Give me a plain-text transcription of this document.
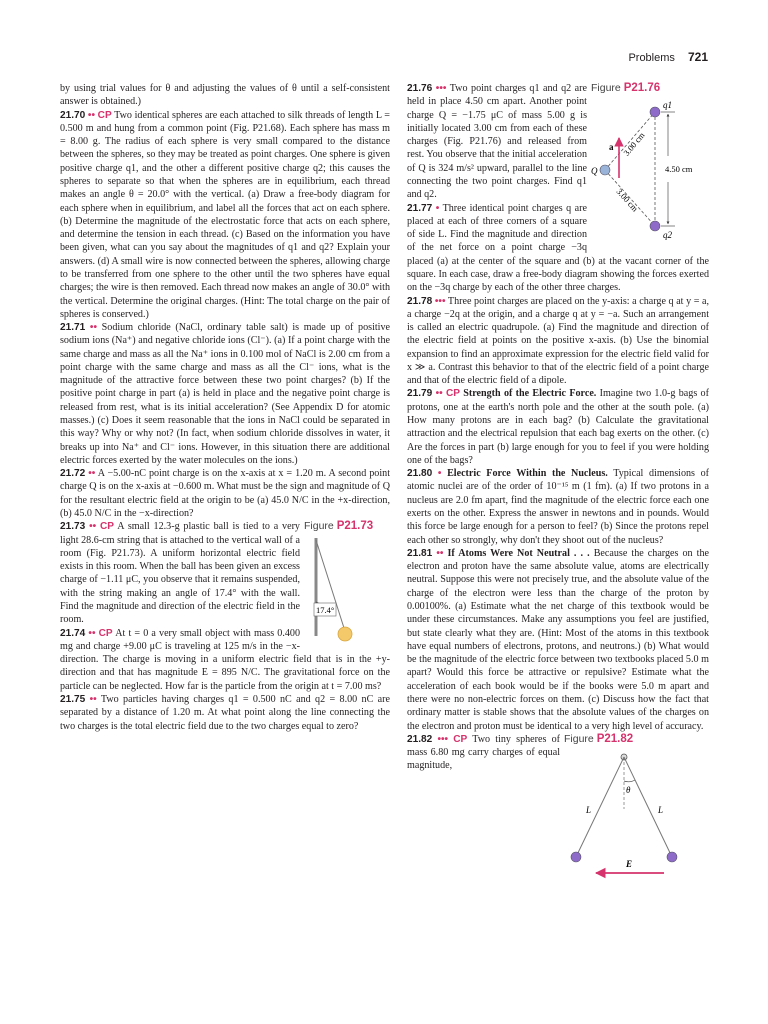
Problems 721

by using trial values for θ and adjusting the values of θ until a self-consistent answer is obtained.)

21.70 •• CP Two identical spheres are each attached to silk threads of length L = 0.500 m and hung from a common point (Fig. P21.68). Each sphere has mass m = 8.00 g. The radius of each sphere is very small compared to the distance between the spheres, so they may be treated as point charges. One sphere is given positive charge q1, and the other a different positive charge q2; this causes the spheres to separate so that when the spheres are in equilibrium, each thread makes an angle θ = 20.0° with the vertical. (a) Draw a free-body diagram for each sphere when in equilibrium, and label all the forces that act on each sphere. (b) Determine the magnitude of the electrostatic force that acts on each sphere, and determine the tension in each thread. (c) Based on the information you have been given, what can you say about the magnitudes of q1 and q2? Explain your answers. (d) A small wire is now connected between the spheres, allowing charge to be transferred from one sphere to the other until the two spheres have equal charges; the wire is then removed. Each thread now makes an angle of 30.0° with the vertical. Determine the original charges. (Hint: The total charge on the pair of spheres is conserved.)

21.71 •• Sodium chloride (NaCl, ordinary table salt) is made up of positive sodium ions (Na⁺) and negative chloride ions (Cl⁻). (a) If a point charge with the same charge and mass as all the Na⁺ ions in 0.100 mol of NaCl is 2.00 cm from a point charge with the same charge and mass as all the Cl⁻ ions, what is the magnitude of the attractive force between these two point charges? (b) If the positive point charge in part (a) is held in place and the negative point charge is released from rest, what is its initial acceleration? (See Appendix D for atomic masses.) (c) Does it seem reasonable that the ions in NaCl could be separated in this way? Why or why not? (In fact, when sodium chloride dissolves in water, it breaks up into Na⁺ and Cl⁻ ions. However, in this situation there are additional electric forces exerted by the water molecules on the ions.)

21.72 •• A −5.00-nC point charge is on the x-axis at x = 1.20 m. A second point charge Q is on the x-axis at −0.600 m. What must be the sign and magnitude of Q for the resultant electric field at the origin to be (a) 45.0 N/C in the +x-direction, (b) 45.0 N/C in the −x-direction?

Figure P21.73
17.4°
21.73 •• CP A small 12.3-g plastic ball is tied to a very light 28.6-cm string that is attached to the vertical wall of a room (Fig. P21.73). A uniform horizontal electric field exists in this room. When the ball has been given an excess charge of −1.11 μC, you observe that it remains suspended, with the string making an angle of 17.4° with the wall. Find the magnitude and direction of the electric field in the room.

21.74 •• CP At t = 0 a very small object with mass 0.400 mg and charge +9.00 μC is traveling at 125 m/s in the −x-direction. The charge is moving in a uniform electric field that is in the +y-direction and that has magnitude E = 895 N/C. The gravitational force on the particle can be neglected. How far is the particle from the origin at t = 7.00 ms?

21.75 •• Two particles having charges q1 = 0.500 nC and q2 = 8.00 nC are separated by a distance of 1.20 m. At what point along the line connecting the two charges is the total electric field due to the two charges equal to zero?

Figure P21.76
a
Q
q1
q2
3.00 cm
3.00 cm
4.50 cm
21.76 ••• Two point charges q1 and q2 are held in place 4.50 cm apart. Another point charge Q = −1.75 μC of mass 5.00 g is initially located 3.00 cm from each of these charges (Fig. P21.76) and released from rest. You observe that the initial acceleration of Q is 324 m/s² upward, parallel to the line connecting the two point charges. Find q1 and q2.

21.77 • Three identical point charges q are placed at each of three corners of a square of side L. Find the magnitude and direction of the net force on a point charge −3q placed (a) at the center of the square and (b) at the vacant corner of the square. In each case, draw a free-body diagram showing the forces exerted on the −3q charge by each of the other three charges.

21.78 ••• Three point charges are placed on the y-axis: a charge q at y = a, a charge −2q at the origin, and a charge q at y = −a. Such an arrangement is called an electric quadrupole. (a) Find the magnitude and direction of the electric field at points on the positive x-axis. (b) Use the binomial expansion to find an approximate expression for the electric field valid for x ≫ a. Contrast this behavior to that of the electric field of a point charge and that of the electric field of a dipole.

21.79 •• CP Strength of the Electric Force. Imagine two 1.0-g bags of protons, one at the earth's north pole and the other at the south pole. (a) How many protons are in each bag? (b) Calculate the gravitational attraction and the electrical repulsion that each bag exerts on the other. (c) Are the forces in part (b) large enough for you to feel if you were holding one of the bags?

21.80 • Electric Force Within the Nucleus. Typical dimensions of atomic nuclei are of the order of 10⁻¹⁵ m (1 fm). (a) If two protons in a nucleus are 2.0 fm apart, find the magnitude of the electric force each one exerts on the other. Express the answer in newtons and in pounds. Would this force be large enough for a person to feel? (b) Since the protons repel each other so strongly, why don't they shoot out of the nucleus?

21.81 •• If Atoms Were Not Neutral . . . Because the charges on the electron and proton have the same absolute value, atoms are electrically neutral. Suppose this were not precisely true, and the absolute value of the charge of the electron were less than the charge of the proton by 0.00100%. (a) Estimate what the net charge of this textbook would be under these circumstances. Make any assumptions you feel are justified, but state clearly what they are. (Hint: Most of the atoms in this textbook have equal numbers of electrons, protons, and neutrons.) (b) What would be the magnitude of the electric force between two textbooks placed 5.0 m apart? Would this force be attractive or repulsive? Estimate what the acceleration of each book would be if the books were 5.0 m apart and there were no non-electric forces on them. (c) Discuss how the fact that ordinary matter is stable shows that the absolute values of the charges on the electron and proton must be identical to a very high level of accuracy.

Figure P21.82
θ
L	L
E
21.82 ••• CP Two tiny spheres of mass 6.80 mg carry charges of equal magnitude,
